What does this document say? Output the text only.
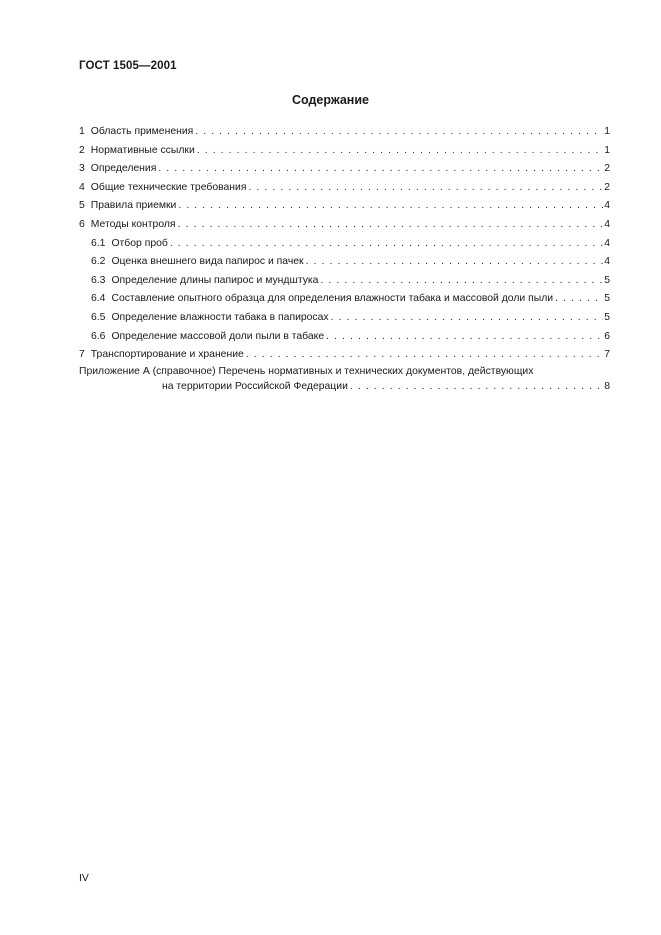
ГОСТ 1505—2001
Содержание
1 Область применения . . .	1
2 Нормативные ссылки . . .	1
3 Определения . . .	2
4 Общие технические требования . . .	2
5 Правила приемки . . .	4
6 Методы контроля . . .	4
6.1 Отбор проб . . .	4
6.2 Оценка внешнего вида папирос и пачек . . .	4
6.3 Определение длины папирос и мундштука . . .	5
6.4 Составление опытного образца для определения влажности табака и массовой доли пыли . . .	5
6.5 Определение влажности табака в папиросах . . .	5
6.6 Определение массовой доли пыли в табаке . . .	6
7 Транспортирование и хранение . . .	7
Приложение А (справочное) Перечень нормативных и технических документов, действующих
на территории Российской Федерации . . .	8
IV
